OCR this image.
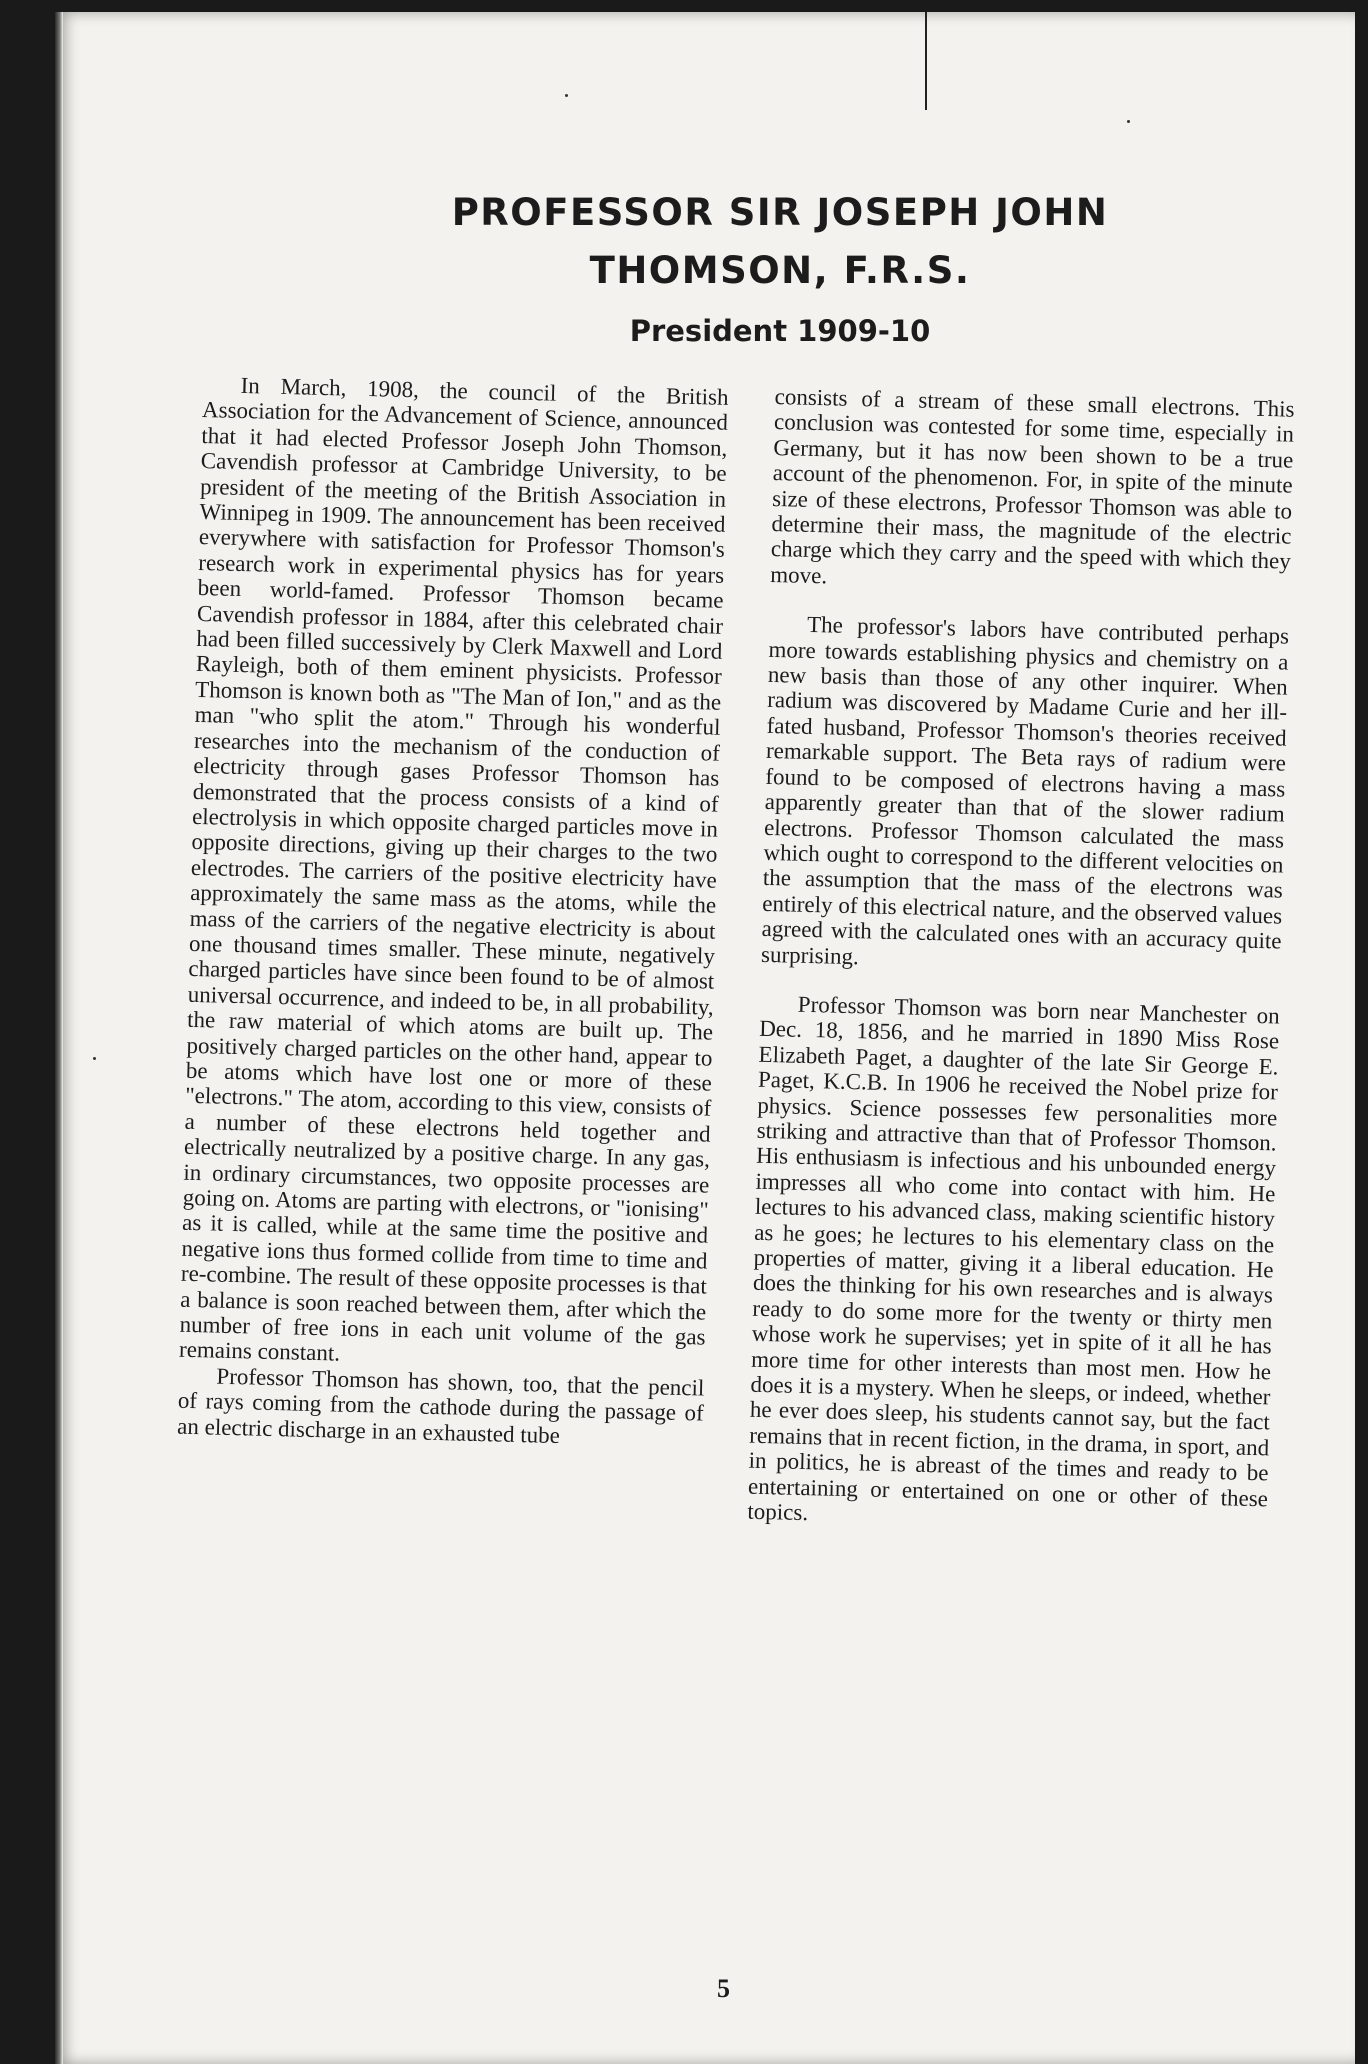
PROFESSOR SIR JOSEPH JOHN
THOMSON, F.R.S.
President 1909-10

In March, 1908, the council of the British Association for the Advancement of Science, announced that it had elected Professor Joseph John Thomson, Cavendish professor at Cambridge University, to be president of the meeting of the British Association in Winnipeg in 1909. The announcement has been received everywhere with satisfaction for Professor Thomson's research work in experimental physics has for years been world-famed. Professor Thomson became Cavendish professor in 1884, after this celebrated chair had been filled successively by Clerk Maxwell and Lord Rayleigh, both of them eminent physicists. Professor Thomson is known both as "The Man of Ion," and as the man "who split the atom." Through his wonderful researches into the mechanism of the conduction of electricity through gases Professor Thomson has demonstrated that the process consists of a kind of electrolysis in which opposite charged particles move in opposite directions, giving up their charges to the two electrodes. The carriers of the positive electricity have approximately the same mass as the atoms, while the mass of the carriers of the negative electricity is about one thousand times smaller. These minute, negatively charged particles have since been found to be of almost universal occurrence, and indeed to be, in all probability, the raw material of which atoms are built up. The positively charged particles on the other hand, appear to be atoms which have lost one or more of these "electrons." The atom, according to this view, consists of a number of these electrons held together and electrically neutralized by a positive charge. In any gas, in ordinary circumstances, two opposite processes are going on. Atoms are parting with electrons, or "ionising" as it is called, while at the same time the positive and negative ions thus formed collide from time to time and re-combine. The result of these opposite processes is that a balance is soon reached between them, after which the number of free ions in each unit volume of the gas remains constant.

Professor Thomson has shown, too, that the pencil of rays coming from the cathode during the passage of an electric discharge in an exhausted tube

consists of a stream of these small electrons. This conclusion was contested for some time, especially in Germany, but it has now been shown to be a true account of the phenomenon. For, in spite of the minute size of these electrons, Professor Thomson was able to determine their mass, the magnitude of the electric charge which they carry and the speed with which they move.

The professor's labors have contributed perhaps more towards establishing physics and chemistry on a new basis than those of any other inquirer. When radium was discovered by Madame Curie and her ill-fated husband, Professor Thomson's theories received remarkable support. The Beta rays of radium were found to be composed of electrons having a mass apparently greater than that of the slower radium electrons. Professor Thomson calculated the mass which ought to correspond to the different velocities on the assumption that the mass of the electrons was entirely of this electrical nature, and the observed values agreed with the calculated ones with an accuracy quite surprising.

Professor Thomson was born near Manchester on Dec. 18, 1856, and he married in 1890 Miss Rose Elizabeth Paget, a daughter of the late Sir George E. Paget, K.C.B. In 1906 he received the Nobel prize for physics. Science possesses few personalities more striking and attractive than that of Professor Thomson. His enthusiasm is infectious and his unbounded energy impresses all who come into contact with him. He lectures to his advanced class, making scientific history as he goes; he lectures to his elementary class on the properties of matter, giving it a liberal education. He does the thinking for his own researches and is always ready to do some more for the twenty or thirty men whose work he supervises; yet in spite of it all he has more time for other interests than most men. How he does it is a mystery. When he sleeps, or indeed, whether he ever does sleep, his students cannot say, but the fact remains that in recent fiction, in the drama, in sport, and in politics, he is abreast of the times and ready to be entertaining or entertained on one or other of these topics.

5
